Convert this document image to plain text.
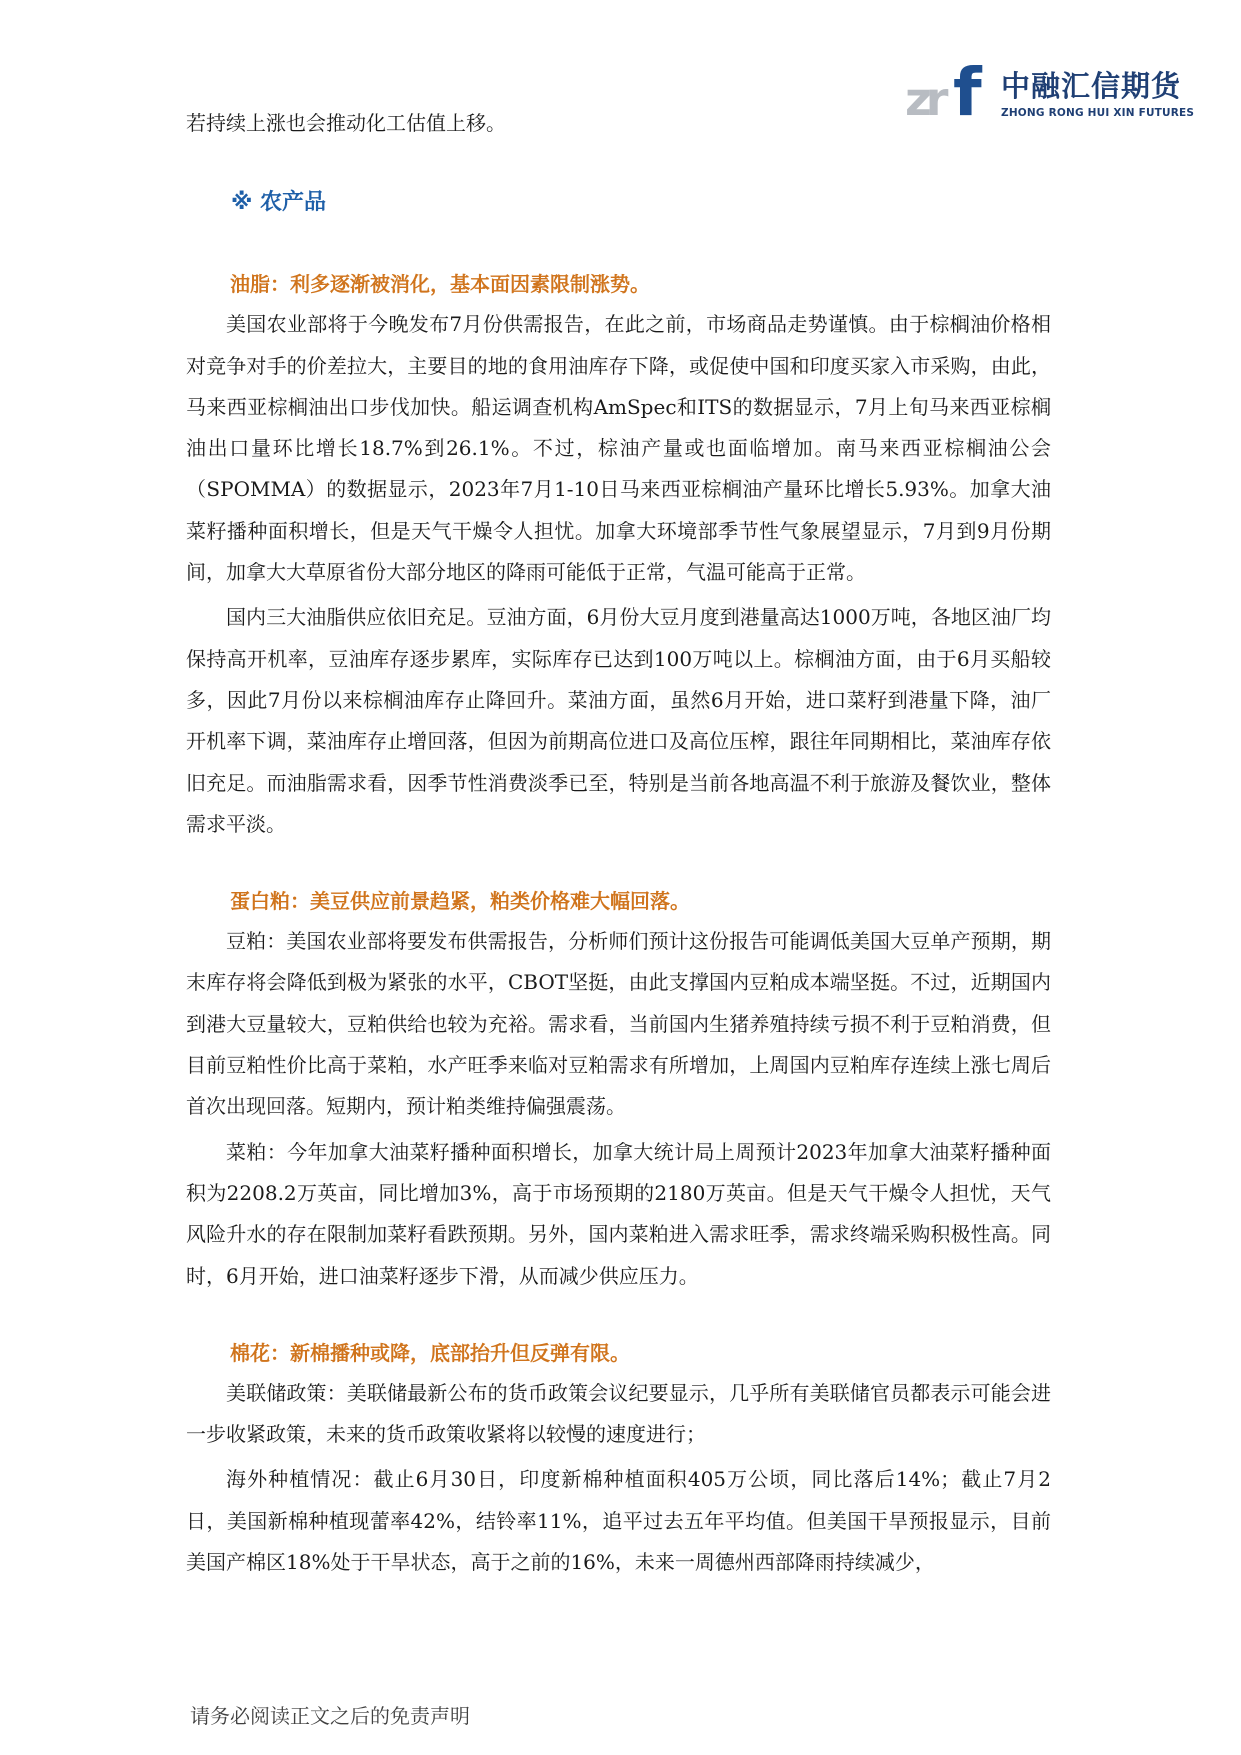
zr f 中融汇信期货
ZHONG RONG HUI XIN FUTURES

若持续上涨也会推动化工估值上移。

※ 农产品
油脂：利多逐渐被消化，基本面因素限制涨势。

美国农业部将于今晚发布7月份供需报告，在此之前，市场商品走势谨慎。由于棕榈油价格相对竞争对手的价差拉大，主要目的地的食用油库存下降，或促使中国和印度买家入市采购，由此，马来西亚棕榈油出口步伐加快。船运调查机构AmSpec和ITS的数据显示，7月上旬马来西亚棕榈油出口量环比增长18.7%到26.1%。不过，棕油产量或也面临增加。南马来西亚棕榈油公会（SPOMMA）的数据显示，2023年7月1-10日马来西亚棕榈油产量环比增长5.93%。加拿大油菜籽播种面积增长，但是天气干燥令人担忧。加拿大环境部季节性气象展望显示，7月到9月份期间，加拿大大草原省份大部分地区的降雨可能低于正常，气温可能高于正常。

国内三大油脂供应依旧充足。豆油方面，6月份大豆月度到港量高达1000万吨，各地区油厂均保持高开机率，豆油库存逐步累库，实际库存已达到100万吨以上。棕榈油方面，由于6月买船较多，因此7月份以来棕榈油库存止降回升。菜油方面，虽然6月开始，进口菜籽到港量下降，油厂开机率下调，菜油库存止增回落，但因为前期高位进口及高位压榨，跟往年同期相比，菜油库存依旧充足。而油脂需求看，因季节性消费淡季已至，特别是当前各地高温不利于旅游及餐饮业，整体需求平淡。

蛋白粕：美豆供应前景趋紧，粕类价格难大幅回落。

豆粕：美国农业部将要发布供需报告，分析师们预计这份报告可能调低美国大豆单产预期，期末库存将会降低到极为紧张的水平，CBOT坚挺，由此支撑国内豆粕成本端坚挺。不过，近期国内到港大豆量较大，豆粕供给也较为充裕。需求看，当前国内生猪养殖持续亏损不利于豆粕消费，但目前豆粕性价比高于菜粕，水产旺季来临对豆粕需求有所增加，上周国内豆粕库存连续上涨七周后首次出现回落。短期内，预计粕类维持偏强震荡。

菜粕：今年加拿大油菜籽播种面积增长，加拿大统计局上周预计2023年加拿大油菜籽播种面积为2208.2万英亩，同比增加3%，高于市场预期的2180万英亩。但是天气干燥令人担忧，天气风险升水的存在限制加菜籽看跌预期。另外，国内菜粕进入需求旺季，需求终端采购积极性高。同时，6月开始，进口油菜籽逐步下滑，从而减少供应压力。

棉花：新棉播种或降，底部抬升但反弹有限。

美联储政策：美联储最新公布的货币政策会议纪要显示，几乎所有美联储官员都表示可能会进一步收紧政策，未来的货币政策收紧将以较慢的速度进行；

海外种植情况：截止6月30日，印度新棉种植面积405万公顷，同比落后14%；截止7月2日，美国新棉种植现蕾率42%，结铃率11%，追平过去五年平均值。但美国干旱预报显示，目前美国产棉区18%处于干旱状态，高于之前的16%，未来一周德州西部降雨持续减少，

请务必阅读正文之后的免责声明
